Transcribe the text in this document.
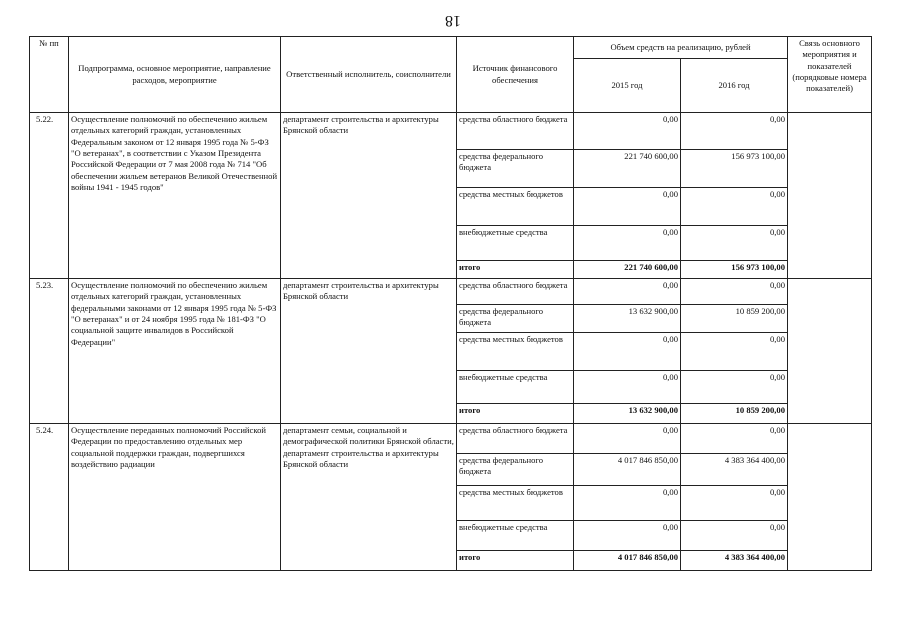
18
№ пп	Подпрограмма, основное мероприятие, направление расходов, мероприятие	Ответственный исполнитель, соисполнители	Источник финансового обеспечения	Объем средств на реализацию, рублей		Связь основного мероприятия и показателей (порядковые номера показателей)
				2015 год	2016 год	
5.22.	Осуществление полномочий по обеспечению жильем отдельных категорий граждан, установленных Федеральным законом от 12 января 1995 года № 5-ФЗ "О ветеранах", в соответствии с Указом Президента Российской Федерации от 7 мая 2008 года № 714 "Об обеспечении жильем ветеранов Великой Отечественной войны 1941 - 1945 годов"	департамент строительства и архитектуры Брянской области	средства областного бюджета	0,00	0,00	
			средства федерального бюджета	221 740 600,00	156 973 100,00	
			средства местных бюджетов	0,00	0,00	
			внебюджетные средства	0,00	0,00	
			итого	221 740 600,00	156 973 100,00	
5.23.	Осуществление полномочий по обеспечению жильем отдельных категорий граждан, установленных федеральными законами от 12 января 1995 года № 5-ФЗ "О ветеранах" и от 24 ноября 1995 года № 181-ФЗ "О социальной защите инвалидов в Российской Федерации"	департамент строительства и архитектуры Брянской области	средства областного бюджета	0,00	0,00	
			средства федерального бюджета	13 632 900,00	10 859 200,00	
			средства местных бюджетов	0,00	0,00	
			внебюджетные средства	0,00	0,00	
			итого	13 632 900,00	10 859 200,00	
5.24.	Осуществление переданных полномочий Российской Федерации по предоставлению отдельных мер социальной поддержки граждан, подвергшихся воздействию радиации	департамент семьи, социальной и демографической политики Брянской области, департамент строительства и архитектуры Брянской области	средства областного бюджета	0,00	0,00	
			средства федерального бюджета	4 017 846 850,00	4 383 364 400,00	
			средства местных бюджетов	0,00	0,00	
			внебюджетные средства	0,00	0,00	
			итого	4 017 846 850,00	4 383 364 400,00	
